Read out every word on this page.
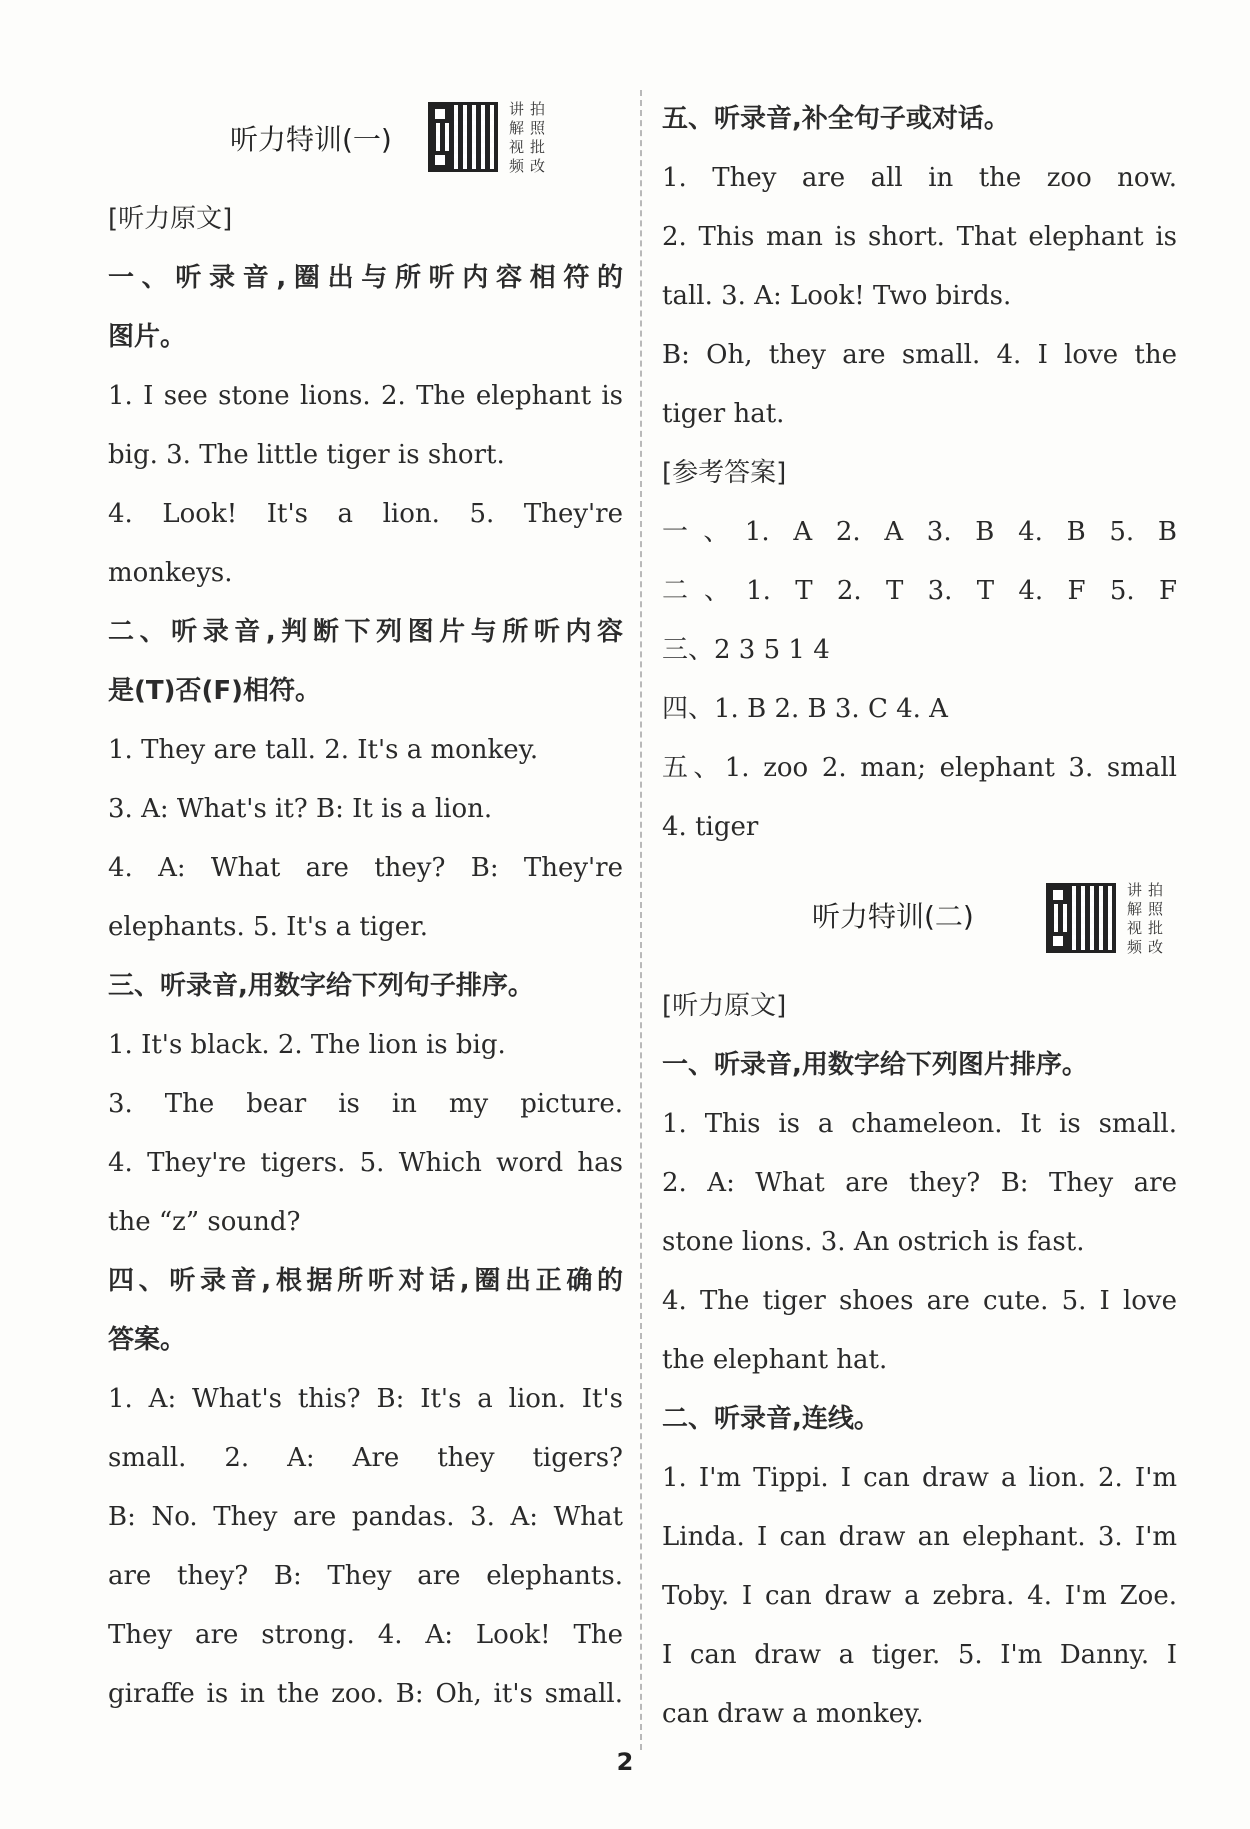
听力特训(一)
讲 拍
解 照
视 批
频 改
[听力原文]
一、听录音,圈出与所听内容相符的
图片。
1. I see stone lions. 2. The elephant is
big. 3. The little tiger is short.
4. Look! It's a lion. 5. They're
monkeys.
二、听录音,判断下列图片与所听内容
是(T)否(F)相符。
1. They are tall. 2. It's a monkey.
3. A: What's it? B: It is a lion.
4. A: What are they? B: They're
elephants. 5. It's a tiger.
三、听录音,用数字给下列句子排序。
1. It's black. 2. The lion is big.
3. The bear is in my picture.
4. They're tigers. 5. Which word has
the “z” sound?
四、听录音,根据所听对话,圈出正确的
答案。
1. A: What's this? B: It's a lion. It's
small. 2. A: Are they tigers?
B: No. They are pandas. 3. A: What
are they? B: They are elephants.
They are strong. 4. A: Look! The
giraffe is in the zoo. B: Oh, it's small.
五、听录音,补全句子或对话。
1. They are all in the zoo now.
2. This man is short. That elephant is
tall. 3. A: Look! Two birds.
B: Oh, they are small. 4. I love the
tiger hat.
[参考答案]
一、1. A 2. A 3. B 4. B 5. B
二、1. T 2. T 3. T 4. F 5. F
三、2 3 5 1 4
四、1. B 2. B 3. C 4. A
五、1. zoo 2. man; elephant 3. small
4. tiger
听力特训(二)
讲 拍
解 照
视 批
频 改
[听力原文]
一、听录音,用数字给下列图片排序。
1. This is a chameleon. It is small.
2. A: What are they? B: They are
stone lions. 3. An ostrich is fast.
4. The tiger shoes are cute. 5. I love
the elephant hat.
二、听录音,连线。
1. I'm Tippi. I can draw a lion. 2. I'm
Linda. I can draw an elephant. 3. I'm
Toby. I can draw a zebra. 4. I'm Zoe.
I can draw a tiger. 5. I'm Danny. I
can draw a monkey.
2
